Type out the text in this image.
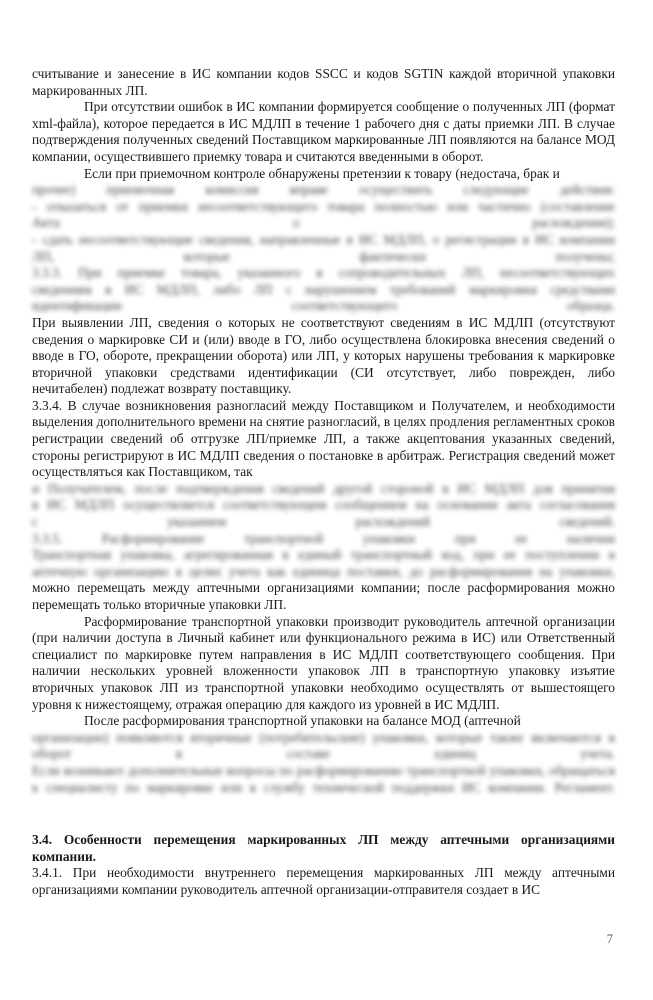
считывание и занесение в ИС компании кодов SSCC и кодов SGTIN каждой вторичной упаковки маркированных ЛП.

При отсутствии ошибок в ИС компании формируется сообщение о полученных ЛП (формат xml-файла), которое передается в ИС МДЛП в течение 1 рабочего дня с даты приемки ЛП. В случае подтверждения полученных сведений Поставщиком маркированные ЛП появляются на балансе МОД компании, осуществившего приемку товара и считаются введенными в оборот.

Если при приемочном контроле обнаружены претензии к товару (недостача, брак и

прочее) приемочная комиссия вправе осуществить следующие действия:
- отказаться от приемки несоответствующего товара полностью или частично (составление
Акта о расхождении);
- сдать несоответствующие сведения, направленные в ИС МДЛП, о регистрации в ИС компании
ЛП, которые фактически получены;
3.3.3. При приемке товара, указанного в сопроводительных ЛП, несоответствующих
сведениям в ИС МДЛП, либо ЛП с нарушением требований маркировки средствами
идентификации соответствующего образца.

При выявлении ЛП, сведения о которых не соответствуют сведениям в ИС МДЛП (отсутствуют сведения о маркировке СИ и (или) вводе в ГО, либо осуществлена блокировка внесения сведений о вводе в ГО, обороте, прекращении оборота) или ЛП, у которых нарушены требования к маркировке вторичной упаковки средствами идентификации (СИ отсутствует, либо поврежден, либо нечитабелен) подлежат возврату поставщику.

3.3.4. В случае возникновения разногласий между Поставщиком и Получателем, и необходимости выделения дополнительного времени на снятие разногласий, в целях продления регламентных сроков регистрации сведений об отгрузке ЛП/приемке ЛП, а также акцептования указанных сведений, стороны регистрируют в ИС МДЛП сведения о постановке в арбитраж. Регистрация сведений может осуществляться как Поставщиком, так

и Получателем, после подтверждения сведений другой стороной в ИС МДЛП для принятия
в ИС МДЛП осуществляется соответствующим сообщением на основании акта согласования
с указанием расхождений сведений.
3.3.5. Расформирование транспортной упаковки при ее наличии
Транспортная упаковка, агрегированная в единый транспортный код, при ее поступлении в
аптечную организацию в целях учета как единица поставки, до расформирования на упаковки,

можно перемещать между аптечными организациями компании; после расформирования можно перемещать только вторичные упаковки ЛП.

Расформирование транспортной упаковки производит руководитель аптечной организации (при наличии доступа в Личный кабинет или функционального режима в ИС) или Ответственный специалист по маркировке путем направления в ИС МДЛП соответствующего сообщения. При наличии нескольких уровней вложенности упаковок ЛП в транспортную упаковку изъятие вторичных упаковок ЛП из транспортной упаковки необходимо осуществлять от вышестоящего уровня к нижестоящему, отражая операцию для каждого из уровней в ИС МДЛП.

После расформирования транспортной упаковки на балансе МОД (аптечной

организации) появляются вторичные (потребительские) упаковки, которые также включаются в
оборот в составе единиц учета.
Если возникают дополнительные вопросы по расформированию транспортной упаковки, обращаться
к специалисту по маркировке или в службу технической поддержки ИС компании. Регламент.
3.4. Особенности перемещения маркированных ЛП между аптечными организациями компании.

3.4.1. При необходимости внутреннего перемещения маркированных ЛП между аптечными организациями компании руководитель аптечной организации-отправителя создает в ИС

7
